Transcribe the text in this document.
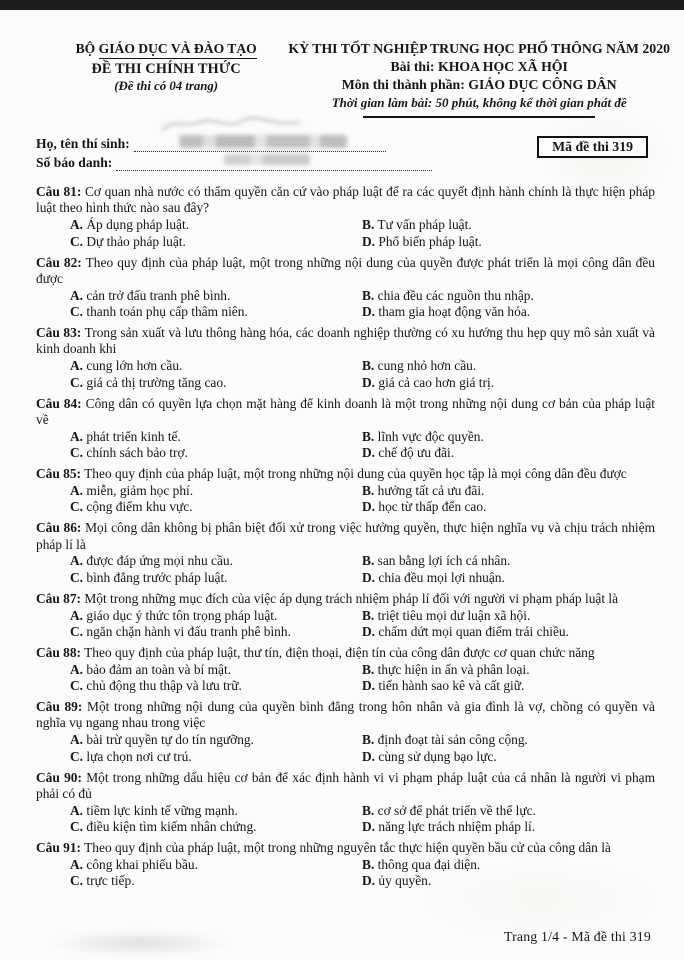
BỘ GIÁO DỤC VÀ ĐÀO TẠO
ĐỀ THI CHÍNH THỨC
(Đề thi có 04 trang)
KỲ THI TỐT NGHIỆP TRUNG HỌC PHỔ THÔNG NĂM 2020
Bài thi: KHOA HỌC XÃ HỘI
Môn thi thành phần: GIÁO DỤC CÔNG DÂN
Thời gian làm bài: 50 phút, không kể thời gian phát đề
Họ, tên thí sinh:
Số báo danh:
Mã đề thi 319

Câu 81: Cơ quan nhà nước có thẩm quyền căn cứ vào pháp luật để ra các quyết định hành chính là thực hiện pháp luật theo hình thức nào sau đây?

A. Áp dụng pháp luật.	B. Tư vấn pháp luật.
C. Dự thảo pháp luật.	D. Phổ biến pháp luật.

Câu 82: Theo quy định của pháp luật, một trong những nội dung của quyền được phát triển là mọi công dân đều được

A. cản trở đấu tranh phê bình.	B. chia đều các nguồn thu nhập.
C. thanh toán phụ cấp thâm niên.	D. tham gia hoạt động văn hóa.

Câu 83: Trong sản xuất và lưu thông hàng hóa, các doanh nghiệp thường có xu hướng thu hẹp quy mô sản xuất và kinh doanh khi

A. cung lớn hơn cầu.	B. cung nhỏ hơn cầu.
C. giá cả thị trường tăng cao.	D. giá cả cao hơn giá trị.

Câu 84: Công dân có quyền lựa chọn mặt hàng để kinh doanh là một trong những nội dung cơ bản của pháp luật về

A. phát triển kinh tế.	B. lĩnh vực độc quyền.
C. chính sách bảo trợ.	D. chế độ ưu đãi.

Câu 85: Theo quy định của pháp luật, một trong những nội dung của quyền học tập là mọi công dân đều được

A. miễn, giảm học phí.	B. hưởng tất cả ưu đãi.
C. cộng điểm khu vực.	D. học từ thấp đến cao.

Câu 86: Mọi công dân không bị phân biệt đối xử trong việc hưởng quyền, thực hiện nghĩa vụ và chịu trách nhiệm pháp lí là

A. được đáp ứng mọi nhu cầu.	B. san bằng lợi ích cá nhân.
C. bình đẳng trước pháp luật.	D. chia đều mọi lợi nhuận.

Câu 87: Một trong những mục đích của việc áp dụng trách nhiệm pháp lí đối với người vi phạm pháp luật là

A. giáo dục ý thức tôn trọng pháp luật.	B. triệt tiêu mọi dư luận xã hội.
C. ngăn chặn hành vi đấu tranh phê bình.	D. chấm dứt mọi quan điểm trái chiều.

Câu 88: Theo quy định của pháp luật, thư tín, điện thoại, điện tín của công dân được cơ quan chức năng

A. bảo đảm an toàn và bí mật.	B. thực hiện in ấn và phân loại.
C. chủ động thu thập và lưu trữ.	D. tiến hành sao kê và cất giữ.

Câu 89: Một trong những nội dung của quyền bình đẳng trong hôn nhân và gia đình là vợ, chồng có quyền và nghĩa vụ ngang nhau trong việc

A. bài trừ quyền tự do tín ngưỡng.	B. định đoạt tài sản công cộng.
C. lựa chọn nơi cư trú.	D. cùng sử dụng bạo lực.

Câu 90: Một trong những dấu hiệu cơ bản để xác định hành vi vi phạm pháp luật của cá nhân là người vi phạm phải có đủ

A. tiềm lực kinh tế vững mạnh.	B. cơ sở để phát triển về thể lực.
C. điều kiện tìm kiếm nhân chứng.	D. năng lực trách nhiệm pháp lí.

Câu 91: Theo quy định của pháp luật, một trong những nguyên tắc thực hiện quyền bầu cử của công dân là

A. công khai phiếu bầu.	B. thông qua đại diện.
C. trực tiếp.	D. ủy quyền.
Trang 1/4 - Mã đề thi 319
